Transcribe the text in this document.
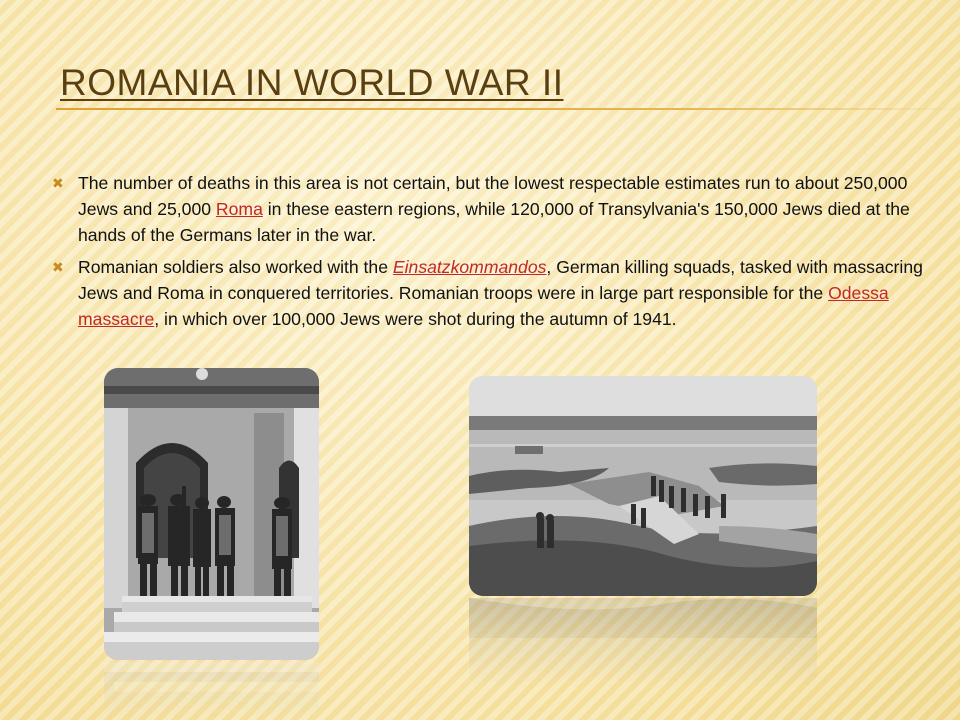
ROMANIA IN WORLD WAR II
✖ The number of deaths in this area is not certain, but the lowest respectable estimates run to about 250,000 Jews and 25,000 Roma in these eastern regions, while 120,000 of Transylvania's 150,000 Jews died at the hands of the Germans later in the war.
✖ Romanian soldiers also worked with the Einsatzkommandos, German killing squads, tasked with massacring Jews and Roma in conquered territories. Romanian troops were in large part responsible for the Odessa massacre, in which over 100,000 Jews were shot during the autumn of 1941.
